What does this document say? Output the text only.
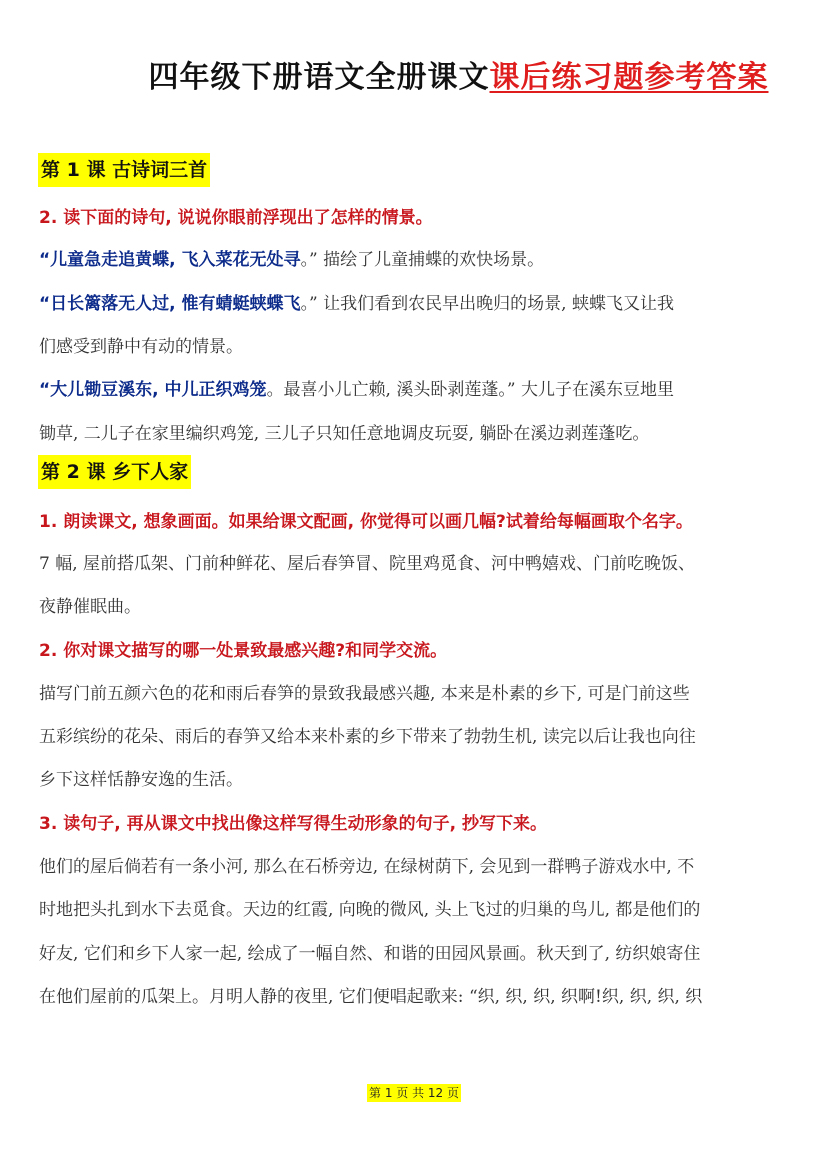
四年级下册语文全册课文课后练习题参考答案
第 1 课 古诗词三首
2. 读下面的诗句, 说说你眼前浮现出了怎样的情景。
“儿童急走追黄蝶, 飞入菜花无处寻。” 描绘了儿童捕蝶的欢快场景。
“日长篱落无人过, 惟有蜻蜓蛱蝶飞。” 让我们看到农民早出晚归的场景, 蛱蝶飞又让我
们感受到静中有动的情景。
“大儿锄豆溪东, 中儿正织鸡笼。最喜小儿亡赖, 溪头卧剥莲蓬。” 大儿子在溪东豆地里
锄草, 二儿子在家里编织鸡笼, 三儿子只知任意地调皮玩耍, 躺卧在溪边剥莲蓬吃。
第 2 课 乡下人家
1. 朗读课文, 想象画面。如果给课文配画, 你觉得可以画几幅?试着给每幅画取个名字。
7 幅, 屋前搭瓜架、门前种鲜花、屋后春笋冒、院里鸡觅食、河中鸭嬉戏、门前吃晚饭、
夜静催眠曲。
2. 你对课文描写的哪一处景致最感兴趣?和同学交流。
描写门前五颜六色的花和雨后春笋的景致我最感兴趣, 本来是朴素的乡下, 可是门前这些
五彩缤纷的花朵、雨后的春笋又给本来朴素的乡下带来了勃勃生机, 读完以后让我也向往
乡下这样恬静安逸的生活。
3. 读句子, 再从课文中找出像这样写得生动形象的句子, 抄写下来。
他们的屋后倘若有一条小河, 那么在石桥旁边, 在绿树荫下, 会见到一群鸭子游戏水中, 不
时地把头扎到水下去觅食。天边的红霞, 向晚的微风, 头上飞过的归巢的鸟儿, 都是他们的
好友, 它们和乡下人家一起, 绘成了一幅自然、和谐的田园风景画。秋天到了, 纺织娘寄住
在他们屋前的瓜架上。月明人静的夜里, 它们便唱起歌来: “织, 织, 织, 织啊!织, 织, 织, 织
第 1 页 共 12 页
